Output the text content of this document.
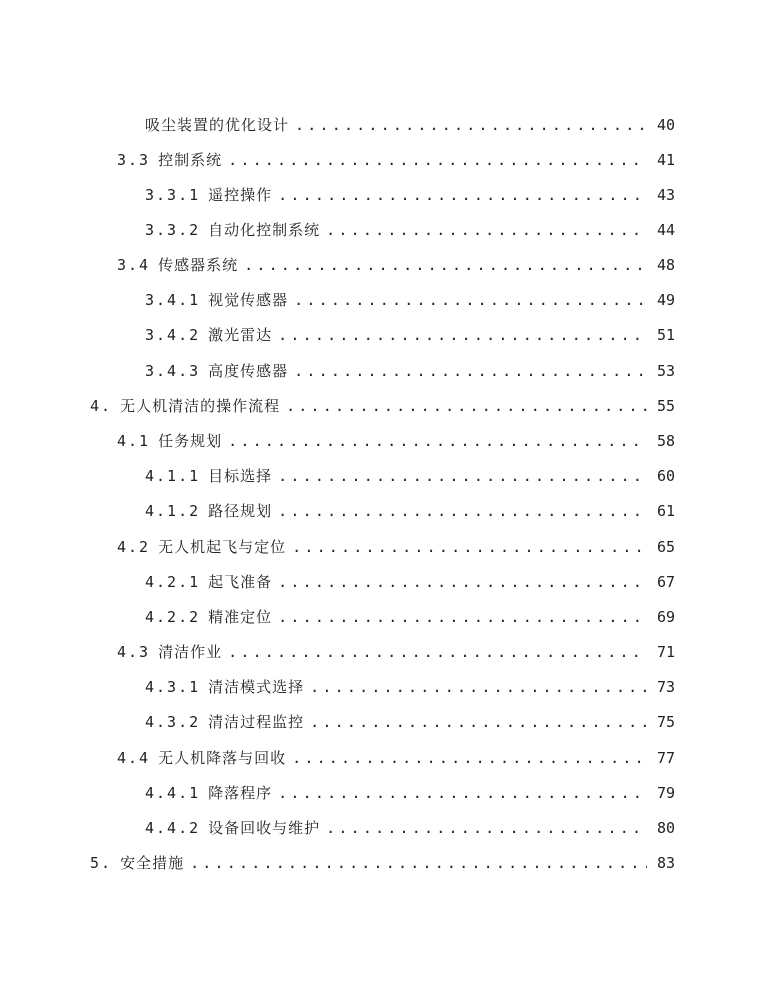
吸尘装置的优化设计 .....	40
3.3 控制系统 .....	41
3.3.1 遥控操作 .....	43
3.3.2 自动化控制系统 .....	44
3.4 传感器系统 .....	48
3.4.1 视觉传感器 .....	49
3.4.2 激光雷达 .....	51
3.4.3 高度传感器 .....	53
4. 无人机清洁的操作流程 .....	55
4.1 任务规划 .....	58
4.1.1 目标选择 .....	60
4.1.2 路径规划 .....	61
4.2 无人机起飞与定位 .....	65
4.2.1 起飞准备 .....	67
4.2.2 精准定位 .....	69
4.3 清洁作业 .....	71
4.3.1 清洁模式选择 .....	73
4.3.2 清洁过程监控 .....	75
4.4 无人机降落与回收 .....	77
4.4.1 降落程序 .....	79
4.4.2 设备回收与维护 .....	80
5. 安全措施 .....	83
